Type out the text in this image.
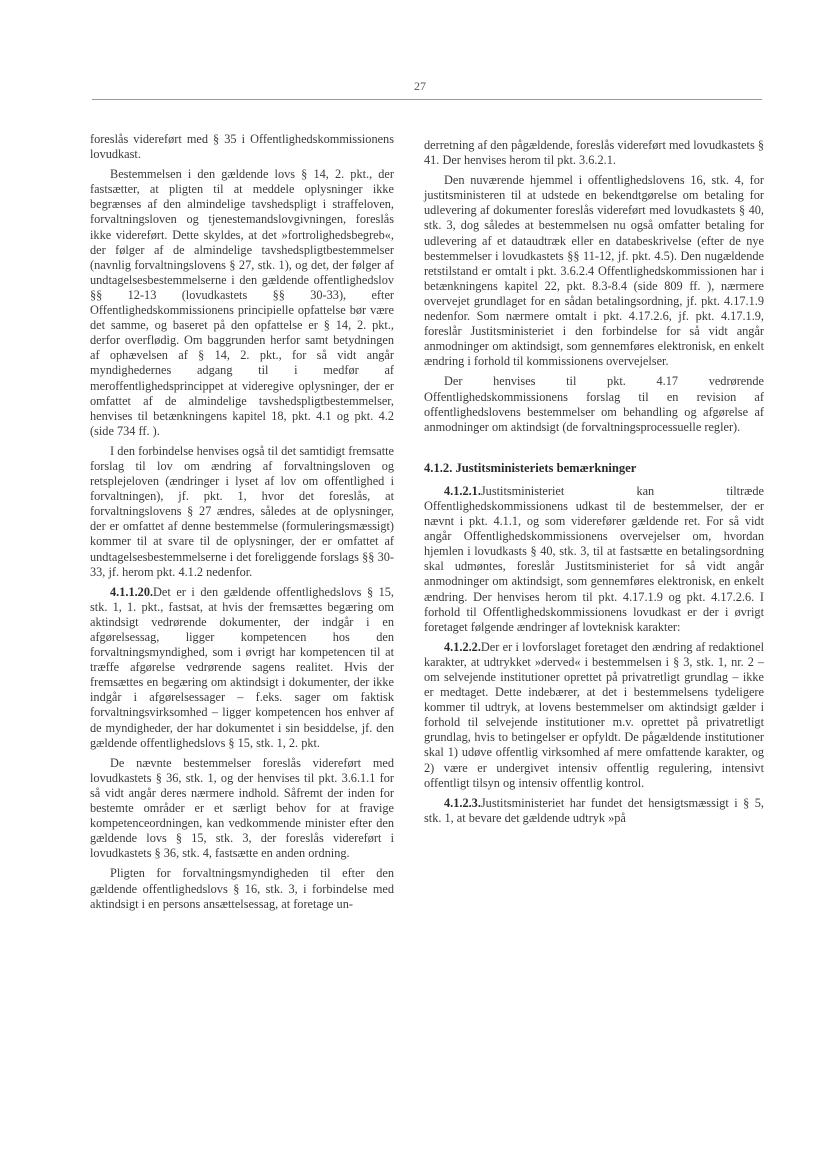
27

foreslås videreført med § 35 i Offentlighedskommissionens lovudkast.

Bestemmelsen i den gældende lovs § 14, 2. pkt., der fastsætter, at pligten til at meddele oplysninger ikke begrænses af den almindelige tavshedspligt i straffeloven, forvaltningsloven og tjenestemandslovgivningen, foreslås ikke videreført. Dette skyldes, at det »fortrolighedsbegreb«, der følger af de almindelige tavshedspligtbestemmelser (navnlig forvaltningslovens § 27, stk. 1), og det, der følger af undtagelsesbestemmelserne i den gældende offentlighedslov §§ 12-13 (lovudkastets §§ 30-33), efter Offentlighedskommissionens principielle opfattelse bør være det samme, og baseret på den opfattelse er § 14, 2. pkt., derfor overflødig. Om baggrunden herfor samt betydningen af ophævelsen af § 14, 2. pkt., for så vidt angår myndighedernes adgang til i medfør af meroffentlighedsprincippet at videregive oplysninger, der er omfattet af de almindelige tavshedspligtbestemmelser, henvises til betænkningens kapitel 18, pkt. 4.1 og pkt. 4.2 (side 734 ff. ).

I den forbindelse henvises også til det samtidigt fremsatte forslag til lov om ændring af forvaltningsloven og retsplejeloven (ændringer i lyset af lov om offentlighed i forvaltningen), jf. pkt. 1, hvor det foreslås, at forvaltningslovens § 27 ændres, således at de oplysninger, der er omfattet af denne bestemmelse (formuleringsmæssigt) kommer til at svare til de oplysninger, der er omfattet af undtagelsesbestemmelserne i det foreliggende forslags §§ 30-33, jf. herom pkt. 4.1.2 nedenfor.

4.1.1.20.Det er i den gældende offentlighedslovs § 15, stk. 1, 1. pkt., fastsat, at hvis der fremsættes begæring om aktindsigt vedrørende dokumenter, der indgår i en afgørelsessag, ligger kompetencen hos den forvaltningsmyndighed, som i øvrigt har kompetencen til at træffe afgørelse vedrørende sagens realitet. Hvis der fremsættes en begæring om aktindsigt i dokumenter, der ikke indgår i afgørelsessager – f.eks. sager om faktisk forvaltningsvirksomhed – ligger kompetencen hos enhver af de myndigheder, der har dokumentet i sin besiddelse, jf. den gældende offentlighedslovs § 15, stk. 1, 2. pkt.

De nævnte bestemmelser foreslås videreført med lovudkastets § 36, stk. 1, og der henvises til pkt. 3.6.1.1 for så vidt angår deres nærmere indhold. Såfremt der inden for bestemte områder er et særligt behov for at fravige kompetenceordningen, kan vedkommende minister efter den gældende lovs § 15, stk. 3, der foreslås videreført i lovudkastets § 36, stk. 4, fastsætte en anden ordning.

Pligten for forvaltningsmyndigheden til efter den gældende offentlighedslovs § 16, stk. 3, i forbindelse med aktindsigt i en persons ansættelsessag, at foretage un-

derretning af den pågældende, foreslås videreført med lovudkastets § 41. Der henvises herom til pkt. 3.6.2.1.

Den nuværende hjemmel i offentlighedslovens 16, stk. 4, for justitsministeren til at udstede en bekendtgørelse om betaling for udlevering af dokumenter foreslås videreført med lovudkastets § 40, stk. 3, dog således at bestemmelsen nu også omfatter betaling for udlevering af et dataudtræk eller en databeskrivelse (efter de nye bestemmelser i lovudkastets §§ 11-12, jf. pkt. 4.5). Den nugældende retstilstand er omtalt i pkt. 3.6.2.4 Offentlighedskommissionen har i betænkningens kapitel 22, pkt. 8.3-8.4 (side 809 ff. ), nærmere overvejet grundlaget for en sådan betalingsordning, jf. pkt. 4.17.1.9 nedenfor. Som nærmere omtalt i pkt. 4.17.2.6, jf. pkt. 4.17.1.9, foreslår Justitsministeriet i den forbindelse for så vidt angår anmodninger om aktindsigt, som gennemføres elektronisk, en enkelt ændring i forhold til kommissionens overvejelser.

Der henvises til pkt. 4.17 vedrørende Offentlighedskommissionens forslag til en revision af offentlighedslovens bestemmelser om behandling og afgørelse af anmodninger om aktindsigt (de forvaltningsprocessuelle regler).

4.1.2. Justitsministeriets bemærkninger

4.1.2.1.Justitsministeriet kan tiltræde Offentlighedskommissionens udkast til de bestemmelser, der er nævnt i pkt. 4.1.1, og som viderefører gældende ret. For så vidt angår Offentlighedskommissionens overvejelser om, hvordan hjemlen i lovudkasts § 40, stk. 3, til at fastsætte en betalingsordning skal udmøntes, foreslår Justitsministeriet for så vidt angår anmodninger om aktindsigt, som gennemføres elektronisk, en enkelt ændring. Der henvises herom til pkt. 4.17.1.9 og pkt. 4.17.2.6. I forhold til Offentlighedskommissionens lovudkast er der i øvrigt foretaget følgende ændringer af lovteknisk karakter:

4.1.2.2.Der er i lovforslaget foretaget den ændring af redaktionel karakter, at udtrykket »derved« i bestemmelsen i § 3, stk. 1, nr. 2 – om selvejende institutioner oprettet på privatretligt grundlag – ikke er medtaget. Dette indebærer, at det i bestemmelsens tydeligere kommer til udtryk, at lovens bestemmelser om aktindsigt gælder i forhold til selvejende institutioner m.v. oprettet på privatretligt grundlag, hvis to betingelser er opfyldt. De pågældende institutioner skal 1) udøve offentlig virksomhed af mere omfattende karakter, og 2) være er undergivet intensiv offentlig regulering, intensivt offentligt tilsyn og intensiv offentlig kontrol.

4.1.2.3.Justitsministeriet har fundet det hensigtsmæssigt i § 5, stk. 1, at bevare det gældende udtryk »på
